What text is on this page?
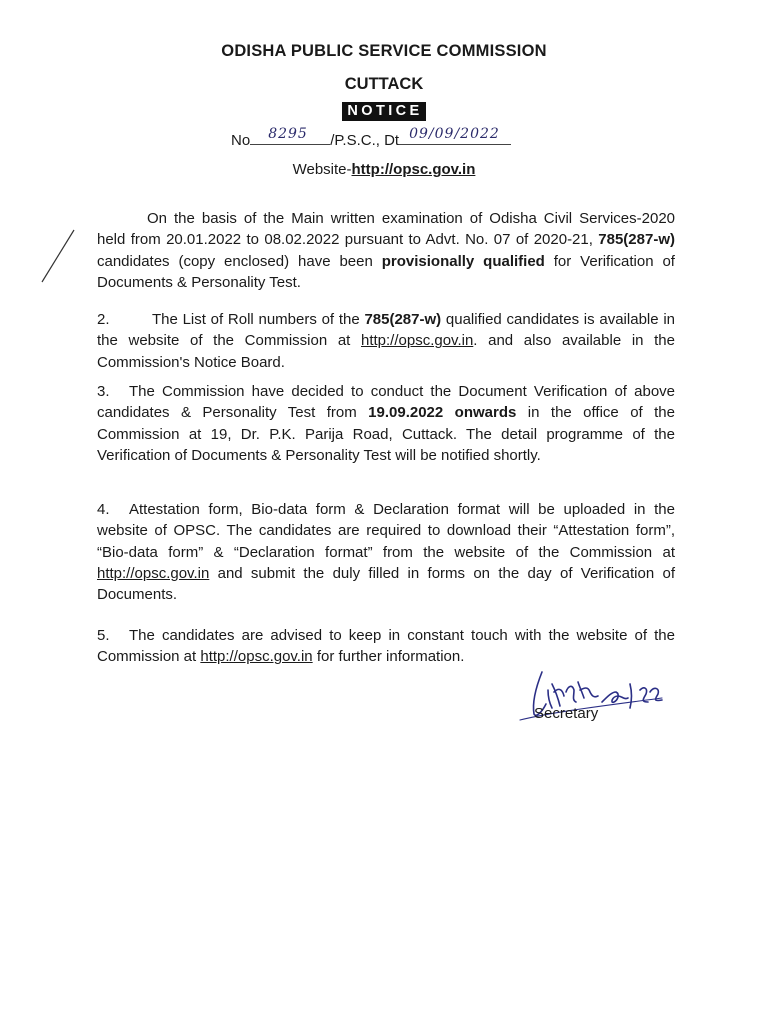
ODISHA PUBLIC SERVICE COMMISSION
CUTTACK
NOTICE
No 8295 /P.S.C., Dt 09/09/2022
Website-http://opsc.gov.in
On the basis of the Main written examination of Odisha Civil Services-2020 held from 20.01.2022 to 08.02.2022 pursuant to Advt. No. 07 of 2020-21, 785(287-w) candidates (copy enclosed) have been provisionally qualified for Verification of Documents & Personality Test.
2.	The List of Roll numbers of the 785(287-w) qualified candidates is available in the website of the Commission at http://opsc.gov.in. and also available in the Commission's Notice Board.
3. The Commission have decided to conduct the Document Verification of above candidates & Personality Test from 19.09.2022 onwards in the office of the Commission at 19, Dr. P.K. Parija Road, Cuttack. The detail programme of the Verification of Documents & Personality Test will be notified shortly.
4. Attestation form, Bio-data form & Declaration format will be uploaded in the website of OPSC. The candidates are required to download their “Attestation form”, “Bio-data form” & “Declaration format” from the website of the Commission at http://opsc.gov.in and submit the duly filled in forms on the day of Verification of Documents.
5. The candidates are advised to keep in constant touch with the website of the Commission at http://opsc.gov.in for further information.
Secretary
